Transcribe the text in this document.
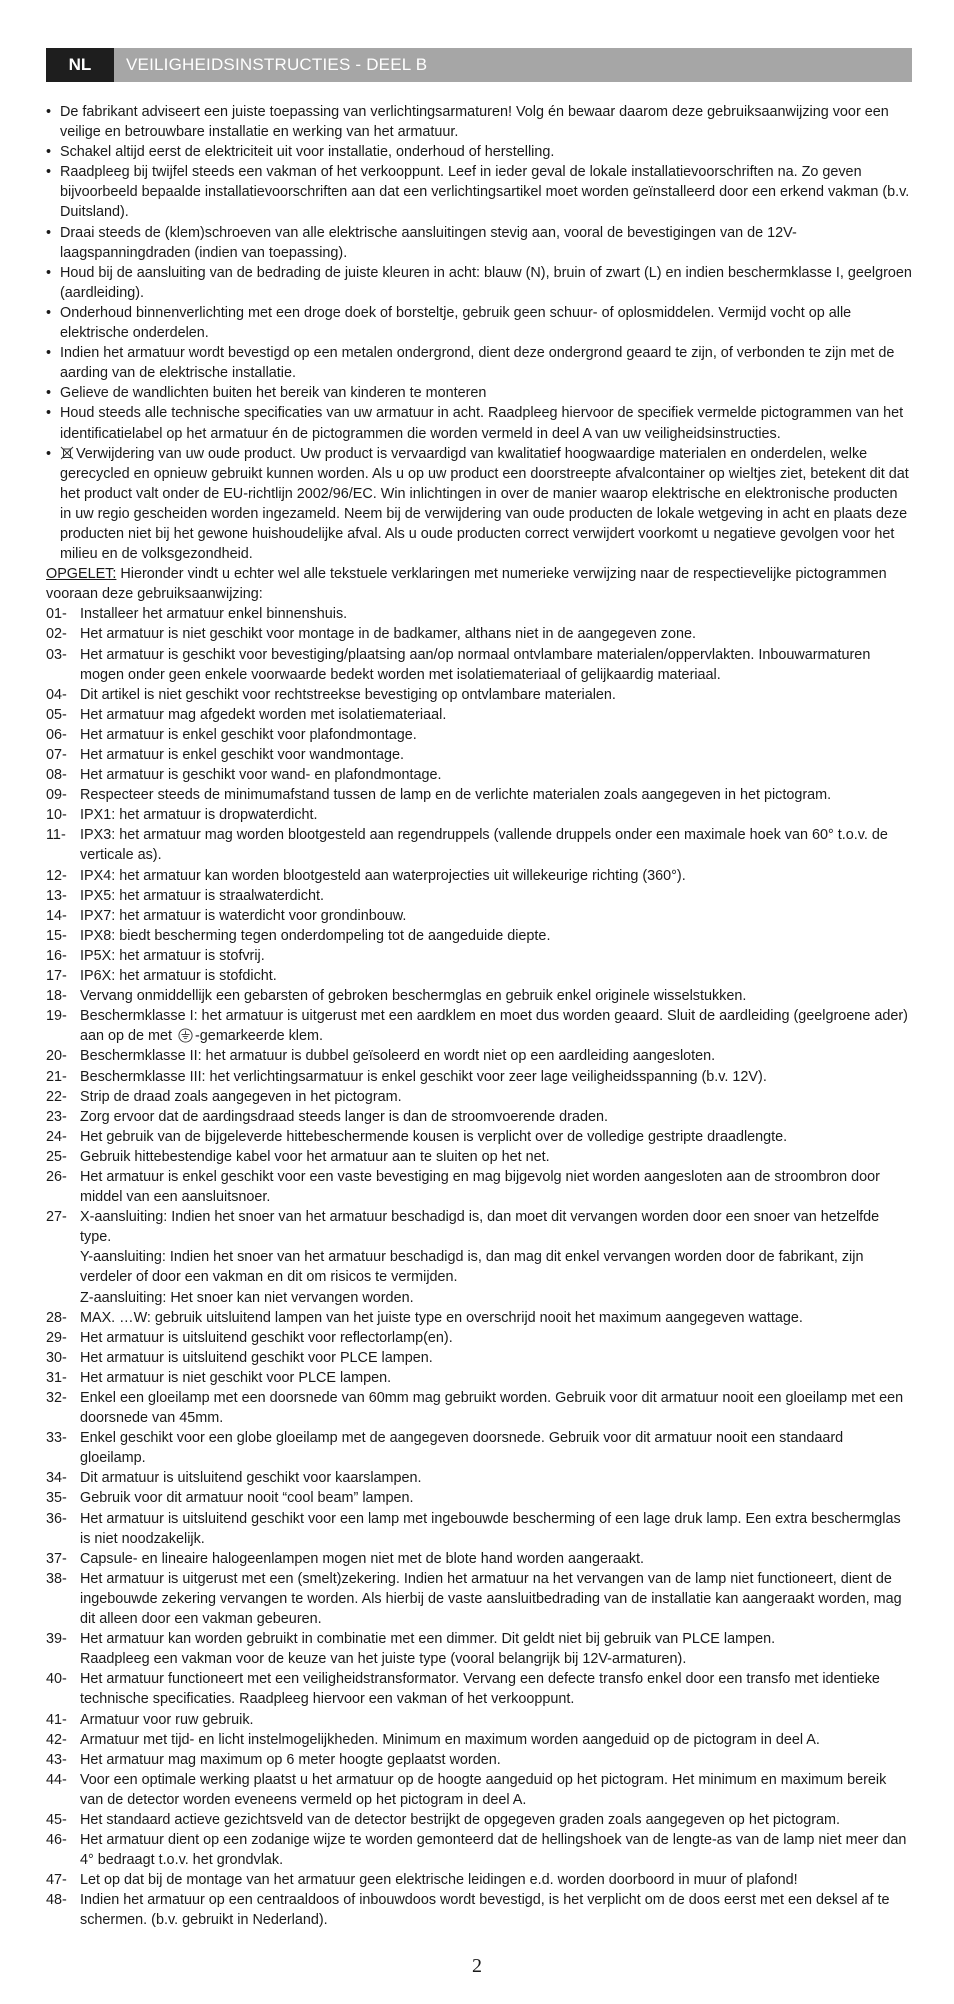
NL	VEILIGHEIDSINSTRUCTIES - DEEL B
• De fabrikant adviseert een juiste toepassing van verlichtingsarmaturen! Volg én bewaar daarom deze gebruiksaanwijzing voor een veilige en betrouwbare installatie en werking van het armatuur.
• Schakel altijd eerst de elektriciteit uit voor installatie, onderhoud of herstelling.
• Raadpleeg bij twijfel steeds een vakman of het verkooppunt. Leef in ieder geval de lokale installatievoorschriften na. Zo geven bijvoorbeeld bepaalde installatievoorschriften aan dat een verlichtingsartikel moet worden geïnstalleerd door een erkend vakman (b.v. Duitsland).
• Draai steeds de (klem)schroeven van alle elektrische aansluitingen stevig aan, vooral de bevestigingen van de 12V-laagspanningdraden (indien van toepassing).
• Houd bij de aansluiting van de bedrading de juiste kleuren in acht: blauw (N), bruin of zwart (L) en indien beschermklasse I, geelgroen (aardleiding).
• Onderhoud binnenverlichting met een droge doek of borsteltje, gebruik geen schuur- of oplosmiddelen. Vermijd vocht op alle elektrische onderdelen.
• Indien het armatuur wordt bevestigd op een metalen ondergrond, dient deze ondergrond geaard te zijn, of verbonden te zijn met de aarding van de elektrische installatie.
• Gelieve de wandlichten buiten het bereik van kinderen te monteren
• Houd steeds alle technische specificaties van uw armatuur in acht. Raadpleeg hiervoor de specifiek vermelde pictogrammen van het identificatielabel op het armatuur én de pictogrammen die worden vermeld in deel A van uw veiligheidsinstructies.
•	Verwijdering van uw oude product. Uw product is vervaardigd van kwalitatief hoogwaardige materialen en onderdelen, welke gerecycled en opnieuw gebruikt kunnen worden. Als u op uw product een doorstreepte afvalcontainer op wieltjes ziet, betekent dit dat het product valt onder de EU-richtlijn 2002/96/EC. Win inlichtingen in over de manier waarop elektrische en elektronische producten in uw regio gescheiden worden ingezameld. Neem bij de verwijdering van oude producten de lokale wetgeving in acht en plaats deze producten niet bij het gewone huishoudelijke afval. Als u oude producten correct verwijdert voorkomt u negatieve gevolgen voor het milieu en de volksgezondheid.
OPGELET: Hieronder vindt u echter wel alle tekstuele verklaringen met numerieke verwijzing naar de respectievelijke pictogrammen vooraan deze gebruiksaanwijzing:
01- Installeer het armatuur enkel binnenshuis.
02- Het armatuur is niet geschikt voor montage in de badkamer, althans niet in de aangegeven zone.
03- Het armatuur is geschikt voor bevestiging/plaatsing aan/op normaal ontvlambare materialen/oppervlakten. Inbouwarmaturen mogen onder geen enkele voorwaarde bedekt worden met isolatiemateriaal of gelijkaardig materiaal.
04- Dit artikel is niet geschikt voor rechtstreekse bevestiging op ontvlambare materialen.
05- Het armatuur mag afgedekt worden met isolatiemateriaal.
06- Het armatuur is enkel geschikt voor plafondmontage.
07- Het armatuur is enkel geschikt voor wandmontage.
08- Het armatuur is geschikt voor wand- en plafondmontage.
09- Respecteer steeds de minimumafstand tussen de lamp en de verlichte materialen zoals aangegeven in het pictogram.
10- IPX1: het armatuur is dropwaterdicht.
11- IPX3: het armatuur mag worden blootgesteld aan regendruppels (vallende druppels onder een maximale hoek van 60° t.o.v. de verticale as).
12- IPX4: het armatuur kan worden blootgesteld aan waterprojecties uit willekeurige richting (360°).
13- IPX5: het armatuur is straalwaterdicht.
14- IPX7: het armatuur is waterdicht voor grondinbouw.
15- IPX8: biedt bescherming tegen onderdompeling tot de aangeduide diepte.
16- IP5X: het armatuur is stofvrij.
17- IP6X: het armatuur is stofdicht.
18- Vervang onmiddellijk een gebarsten of gebroken beschermglas en gebruik enkel originele wisselstukken.
19- Beschermklasse I: het armatuur is uitgerust met een aardklem en moet dus worden geaard. Sluit de aardleiding (geelgroene ader) aan op de met -gemarkeerde klem.
20- Beschermklasse II: het armatuur is dubbel geïsoleerd en wordt niet op een aardleiding aangesloten.
21- Beschermklasse III: het verlichtingsarmatuur is enkel geschikt voor zeer lage veiligheidsspanning (b.v. 12V).
22- Strip de draad zoals aangegeven in het pictogram.
23- Zorg ervoor dat de aardingsdraad steeds langer is dan de stroomvoerende draden.
24- Het gebruik van de bijgeleverde hittebeschermende kousen is verplicht over de volledige gestripte draadlengte.
25- Gebruik hittebestendige kabel voor het armatuur aan te sluiten op het net.
26- Het armatuur is enkel geschikt voor een vaste bevestiging en mag bijgevolg niet worden aangesloten aan de stroombron door middel van een aansluitsnoer.
27- X-aansluiting: Indien het snoer van het armatuur beschadigd is, dan moet dit vervangen worden door een snoer van hetzelfde type.
Y-aansluiting: Indien het snoer van het armatuur beschadigd is, dan mag dit enkel vervangen worden door de fabrikant, zijn verdeler of door een vakman en dit om risicos te vermijden.
Z-aansluiting: Het snoer kan niet vervangen worden.
28- MAX. …W: gebruik uitsluitend lampen van het juiste type en overschrijd nooit het maximum aangegeven wattage.
29- Het armatuur is uitsluitend geschikt voor reflectorlamp(en).
30- Het armatuur is uitsluitend geschikt voor PLCE lampen.
31- Het armatuur is niet geschikt voor PLCE lampen.
32- Enkel een gloeilamp met een doorsnede van 60mm mag gebruikt worden. Gebruik voor dit armatuur nooit een gloeilamp met een doorsnede van 45mm.
33- Enkel geschikt voor een globe gloeilamp met de aangegeven doorsnede. Gebruik voor dit armatuur nooit een standaard gloeilamp.
34- Dit armatuur is uitsluitend geschikt voor kaarslampen.
35- Gebruik voor dit armatuur nooit “cool beam” lampen.
36- Het armatuur is uitsluitend geschikt voor een lamp met ingebouwde bescherming of een lage druk lamp. Een extra beschermglas is niet noodzakelijk.
37- Capsule- en lineaire halogeenlampen mogen niet met de blote hand worden aangeraakt.
38- Het armatuur is uitgerust met een (smelt)zekering. Indien het armatuur na het vervangen van de lamp niet functioneert, dient de ingebouwde zekering vervangen te worden. Als hierbij de vaste aansluitbedrading van de installatie kan aangeraakt worden, mag dit alleen door een vakman gebeuren.
39- Het armatuur kan worden gebruikt in combinatie met een dimmer. Dit geldt niet bij gebruik van PLCE lampen.
Raadpleeg een vakman voor de keuze van het juiste type (vooral belangrijk bij 12V-armaturen).
40- Het armatuur functioneert met een veiligheidstransformator. Vervang een defecte transfo enkel door een transfo met identieke technische specificaties. Raadpleeg hiervoor een vakman of het verkooppunt.
41- Armatuur voor ruw gebruik.
42- Armatuur met tijd- en licht instelmogelijkheden. Minimum en maximum worden aangeduid op de pictogram in deel A.
43- Het armatuur mag maximum op 6 meter hoogte geplaatst worden.
44- Voor een optimale werking plaatst u het armatuur op de hoogte aangeduid op het pictogram. Het minimum en maximum bereik van de detector worden eveneens vermeld op het pictogram in deel A.
45- Het standaard actieve gezichtsveld van de detector bestrijkt de opgegeven graden zoals aangegeven op het pictogram.
46- Het armatuur dient op een zodanige wijze te worden gemonteerd dat de hellingshoek van de lengte-as van de lamp niet meer dan 4° bedraagt t.o.v. het grondvlak.
47- Let op dat bij de montage van het armatuur geen elektrische leidingen e.d. worden doorboord in muur of plafond!
48- Indien het armatuur op een centraaldoos of inbouwdoos wordt bevestigd, is het verplicht om de doos eerst met een deksel af te schermen. (b.v. gebruikt in Nederland).
2
